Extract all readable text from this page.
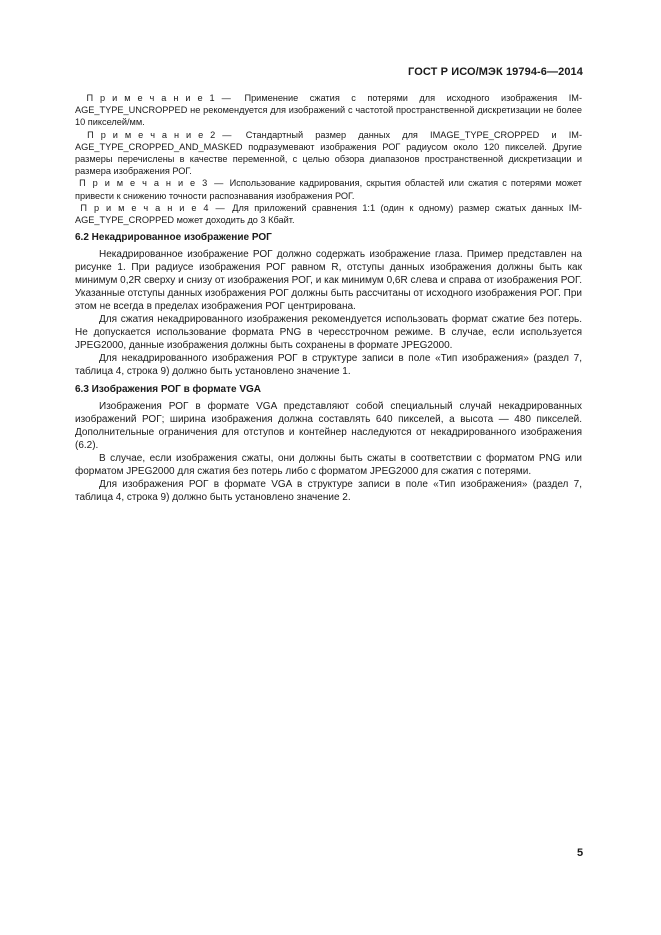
ГОСТ Р ИСО/МЭК 19794-6—2014

П р и м е ч а н и е 1 — Применение сжатия с потерями для исходного изображения IM-AGE_TYPE_UNCROPPED не рекомендуется для изображений с частотой пространственной дискретизации не более 10 пикселей/мм.

П р и м е ч а н и е 2 — Стандартный размер данных для IMAGE_TYPE_CROPPED и IM-AGE_TYPE_CROPPED_AND_MASKED подразумевают изображения РОГ радиусом около 120 пикселей. Другие размеры перечислены в качестве переменной, с целью обзора диапазонов пространственной дискретизации и размера изображения РОГ.

П р и м е ч а н и е 3 — Использование кадрирования, скрытия областей или сжатия с потерями может привести к снижению точности распознавания изображения РОГ.

П р и м е ч а н и е 4 — Для приложений сравнения 1:1 (один к одному) размер сжатых данных IM-AGE_TYPE_CROPPED может доходить до 3 Кбайт.

6.2 Некадрированное изображение РОГ

Некадрированное изображение РОГ должно содержать изображение глаза. Пример представлен на рисунке 1. При радиусе изображения РОГ равном R, отступы данных изображения должны быть как минимум 0,2R сверху и снизу от изображения РОГ, и как минимум 0,6R слева и справа от изображения РОГ. Указанные отступы данных изображения РОГ должны быть рассчитаны от исходного изображения РОГ. При этом не всегда в пределах изображения РОГ центрирована.

Для сжатия некадрированного изображения рекомендуется использовать формат сжатие без потерь. Не допускается использование формата PNG в чересстрочном режиме. В случае, если используется JPEG2000, данные изображения должны быть сохранены в формате JPEG2000.

Для некадрированного изображения РОГ в структуре записи в поле «Тип изображения» (раздел 7, таблица 4, строка 9) должно быть установлено значение 1.

6.3 Изображения РОГ в формате VGA

Изображения РОГ в формате VGA представляют собой специальный случай некадрированных изображений РОГ; ширина изображения должна составлять 640 пикселей, а высота — 480 пикселей. Дополнительные ограничения для отступов и контейнер наследуются от некадрированного изображения (6.2).

В случае, если изображения сжаты, они должны быть сжаты в соответствии с форматом PNG или форматом JPEG2000 для сжатия без потерь либо с форматом JPEG2000 для сжатия с потерями.

Для изображения РОГ в формате VGA в структуре записи в поле «Тип изображения» (раздел 7, таблица 4, строка 9) должно быть установлено значение 2.

5
